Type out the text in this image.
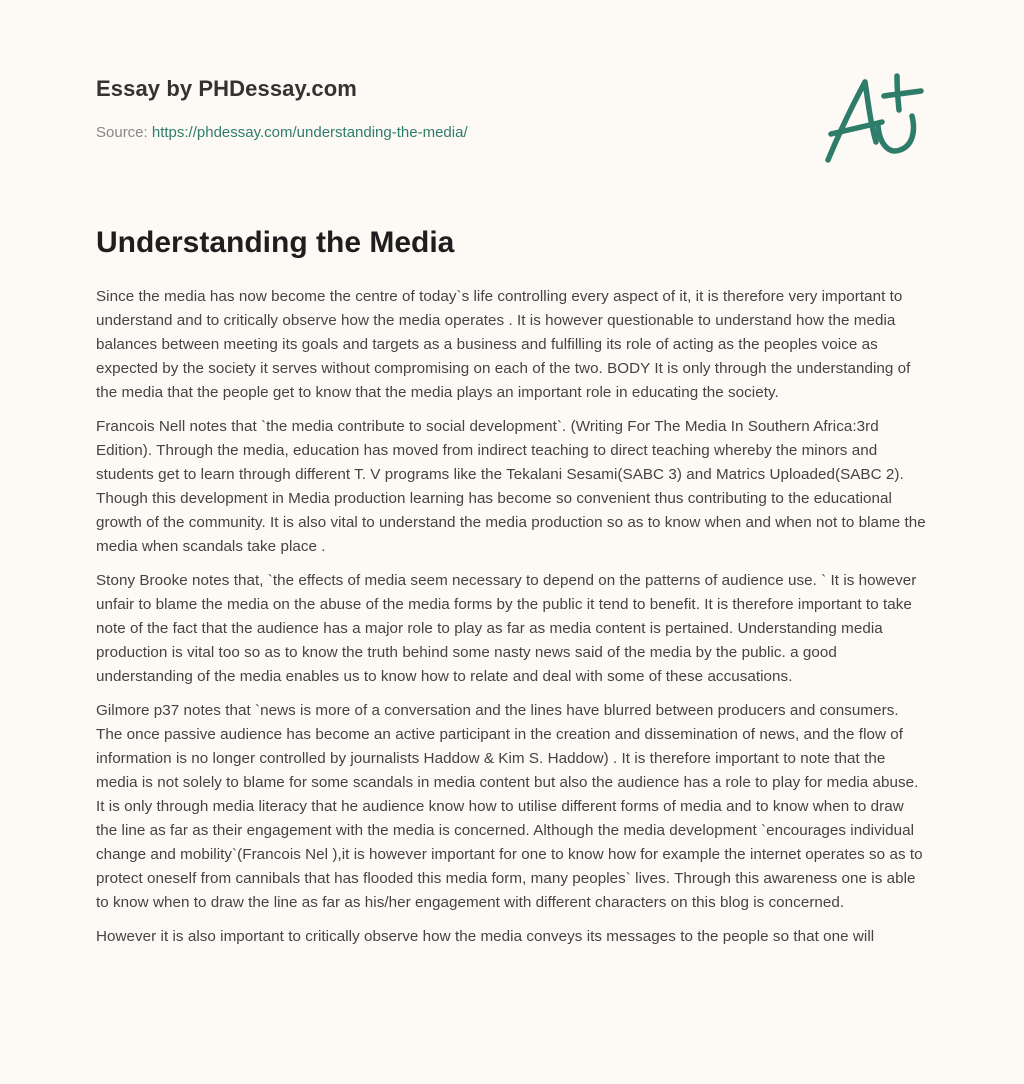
Essay by PHDessay.com
Source: https://phdessay.com/understanding-the-media/
Understanding the Media

Since the media has now become the centre of today`s life controlling every aspect of it, it is therefore very important to understand and to critically observe how the media operates . It is however questionable to understand how the media balances between meeting its goals and targets as a business and fulfilling its role of acting as the peoples voice as expected by the society it serves without compromising on each of the two. BODY It is only through the understanding of the media that the people get to know that the media plays an important role in educating the society.

Francois Nell notes that `the media contribute to social development`. (Writing For The Media In Southern Africa:3rd Edition). Through the media, education has moved from indirect teaching to direct teaching whereby the minors and students get to learn through different T. V programs like the Tekalani Sesami(SABC 3) and Matrics Uploaded(SABC 2). Though this development in Media production learning has become so convenient thus contributing to the educational growth of the community. It is also vital to understand the media production so as to know when and when not to blame the media when scandals take place .

Stony Brooke notes that, `the effects of media seem necessary to depend on the patterns of audience use. ` It is however unfair to blame the media on the abuse of the media forms by the public it tend to benefit. It is therefore important to take note of the fact that the audience has a major role to play as far as media content is pertained. Understanding media production is vital too so as to know the truth behind some nasty news said of the media by the public. a good understanding of the media enables us to know how to relate and deal with some of these accusations.

Gilmore p37 notes that `news is more of a conversation and the lines have blurred between producers and consumers. The once passive audience has become an active participant in the creation and dissemination of news, and the flow of information is no longer controlled by journalists Haddow & Kim S. Haddow) . It is therefore important to note that the media is not solely to blame for some scandals in media content but also the audience has a role to play for media abuse. It is only through media literacy that he audience know how to utilise different forms of media and to know when to draw the line as far as their engagement with the media is concerned. Although the media development `encourages individual change and mobility`(Francois Nel ),it is however important for one to know how for example the internet operates so as to protect oneself from cannibals that has flooded this media form, many peoples` lives. Through this awareness one is able to know when to draw the line as far as his/her engagement with different characters on this blog is concerned.

However it is also important to critically observe how the media conveys its messages to the people so that one will
